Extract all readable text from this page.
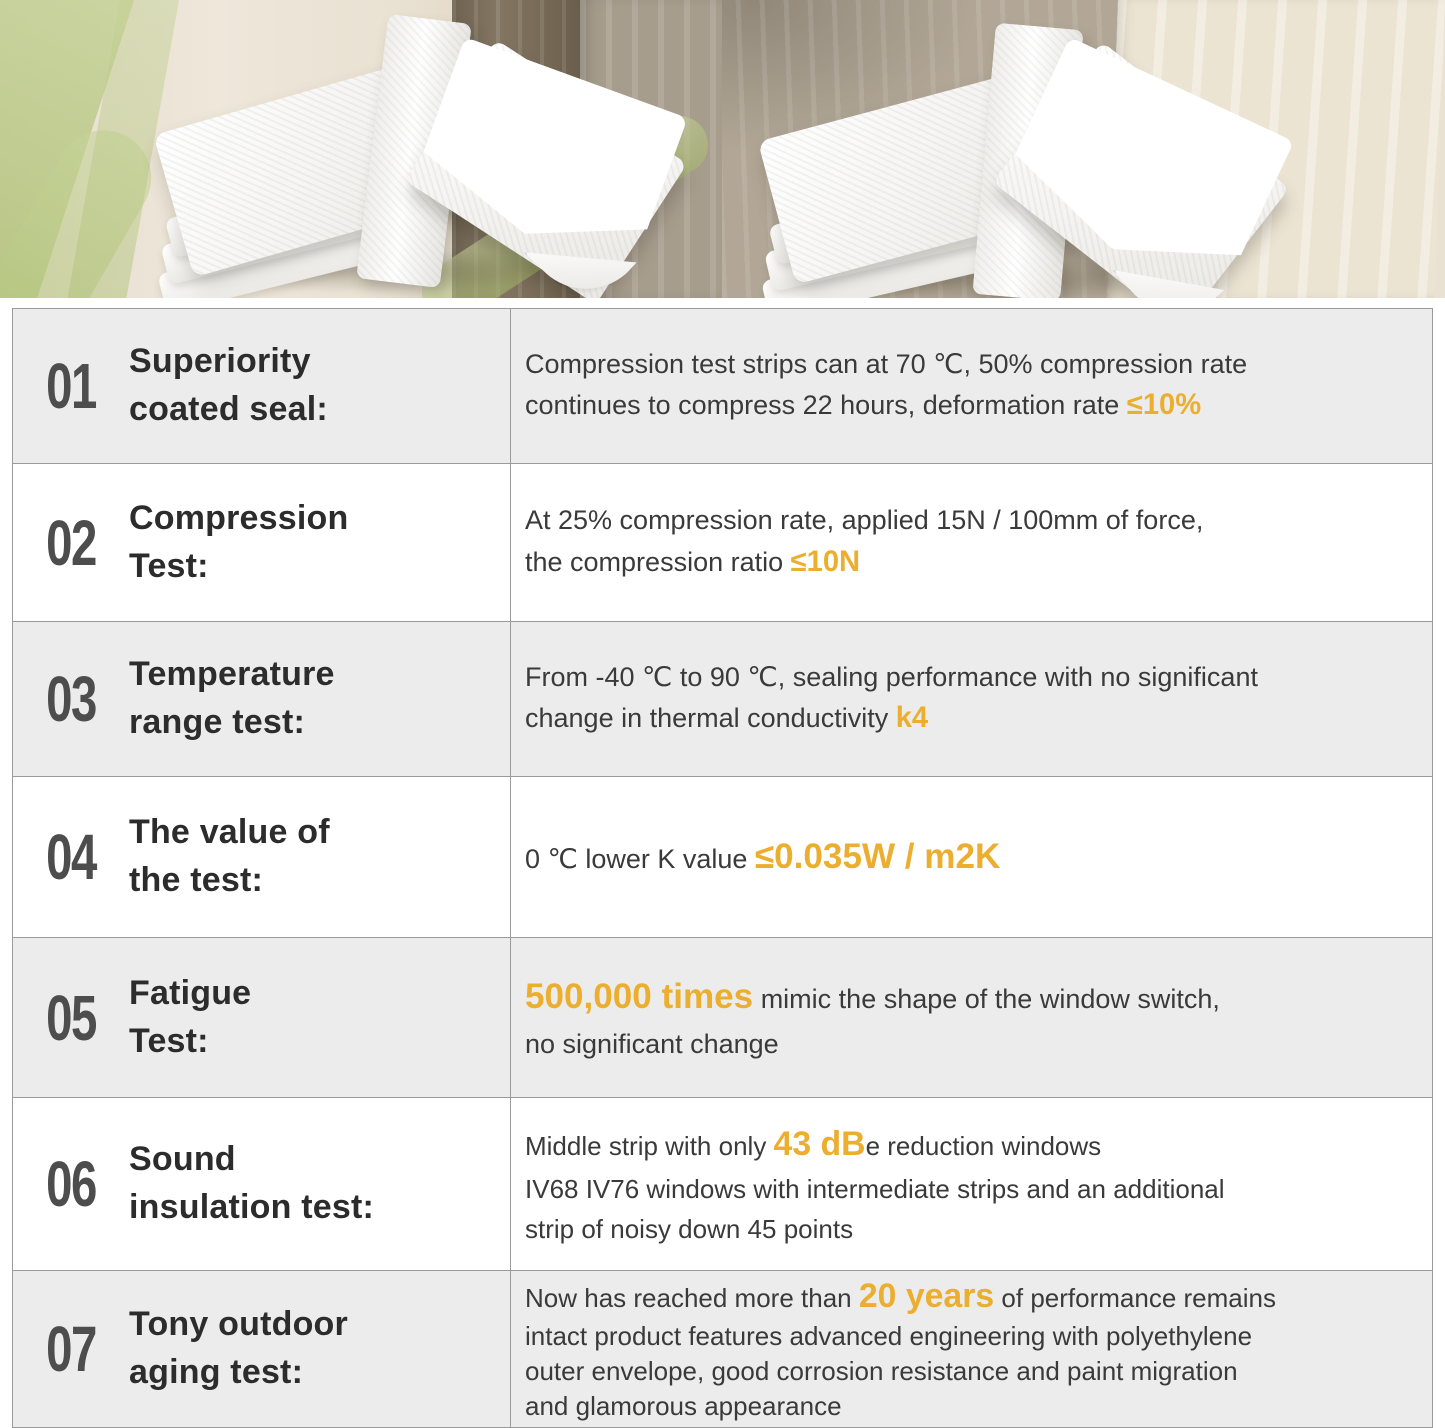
01 Superiority
coated seal:
Compression test strips can at 70 ℃, 50% compression rate
continues to compress 22 hours, deformation rate ≤10%
02 Compression
Test:
At 25% compression rate, applied 15N / 100mm of force,
the compression ratio ≤10N
03 Temperature
range test:
From -40 ℃ to 90 ℃, sealing performance with no significant
change in thermal conductivity k4
04 The value of
the test:
0 ℃ lower K value ≤0.035W / m2K
05 Fatigue
Test:
500,000 times mimic the shape of the window switch,
no significant change
06 Sound
insulation test:
Middle strip with only 43 dBe reduction windows
IV68 IV76 windows with intermediate strips and an additional
strip of noisy down 45 points
07 Tony outdoor
aging test:
Now has reached more than 20 years of performance remains
intact product features advanced engineering with polyethylene
outer envelope, good corrosion resistance and paint migration
and glamorous appearance
